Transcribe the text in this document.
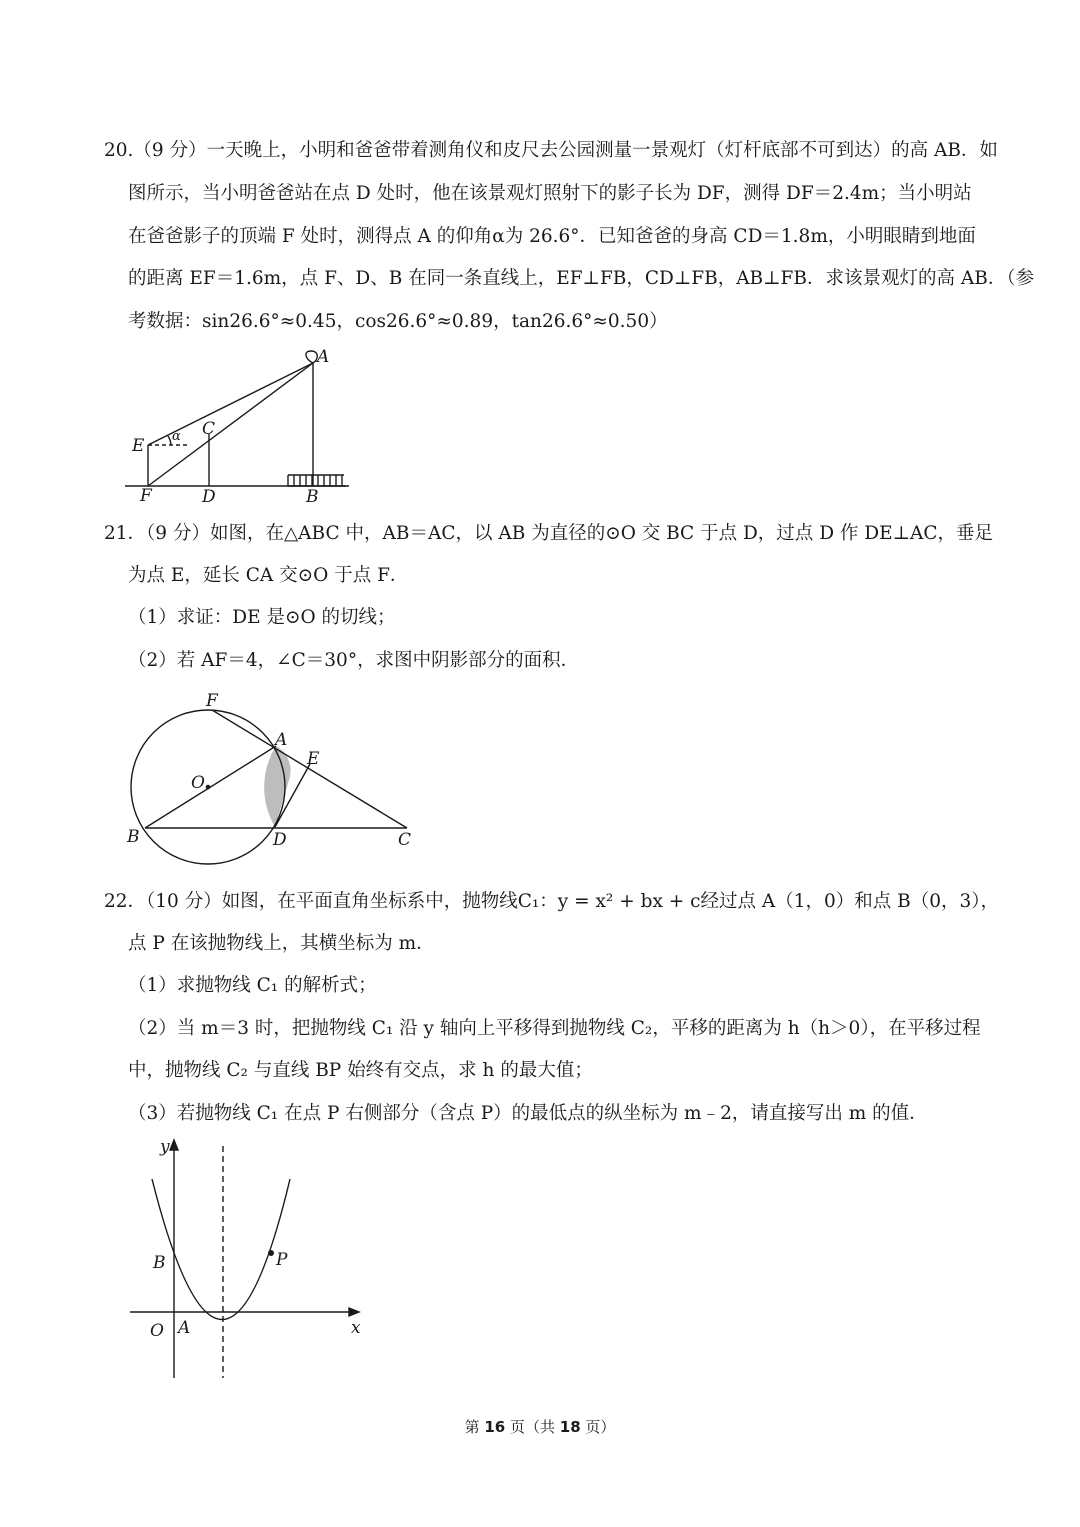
20.（9 分）一天晚上，小明和爸爸带着测角仪和皮尺去公园测量一景观灯（灯杆底部不可到达）的高 AB．如
图所示，当小明爸爸站在点 D 处时，他在该景观灯照射下的影子长为 DF，测得 DF＝2.4m；当小明站
在爸爸影子的顶端 F 处时，测得点 A 的仰角α为 26.6°．已知爸爸的身高 CD＝1.8m，小明眼睛到地面
的距离 EF＝1.6m，点 F、D、B 在同一条直线上，EF⊥FB，CD⊥FB，AB⊥FB．求该景观灯的高 AB．（参
考数据：sin26.6°≈0.45，cos26.6°≈0.89，tan26.6°≈0.50）
A
C
E α
F	D	B
21．（9 分）如图，在△ABC 中，AB＝AC，以 AB 为直径的⊙O 交 BC 于点 D，过点 D 作 DE⊥AC，垂足
为点 E，延长 CA 交⊙O 于点 F．
（1）求证：DE 是⊙O 的切线；
（2）若 AF＝4，∠C＝30°，求图中阴影部分的面积．
F
A
E
O
B	D	C
22．（10 分）如图，在平面直角坐标系中，抛物线C₁：y = x² + bx + c经过点 A（1，0）和点 B（0，3），
点 P 在该抛物线上，其横坐标为 m．
（1）求抛物线 C₁ 的解析式；
（2）当 m＝3 时，把抛物线 C₁ 沿 y 轴向上平移得到抛物线 C₂，平移的距离为 h（h＞0），在平移过程
中，抛物线 C₂ 与直线 BP 始终有交点，求 h 的最大值；
（3）若抛物线 C₁ 在点 P 右侧部分（含点 P）的最低点的纵坐标为 m﹣2，请直接写出 m 的值．
y
x
O A
B	P
第 16 页（共 18 页）
